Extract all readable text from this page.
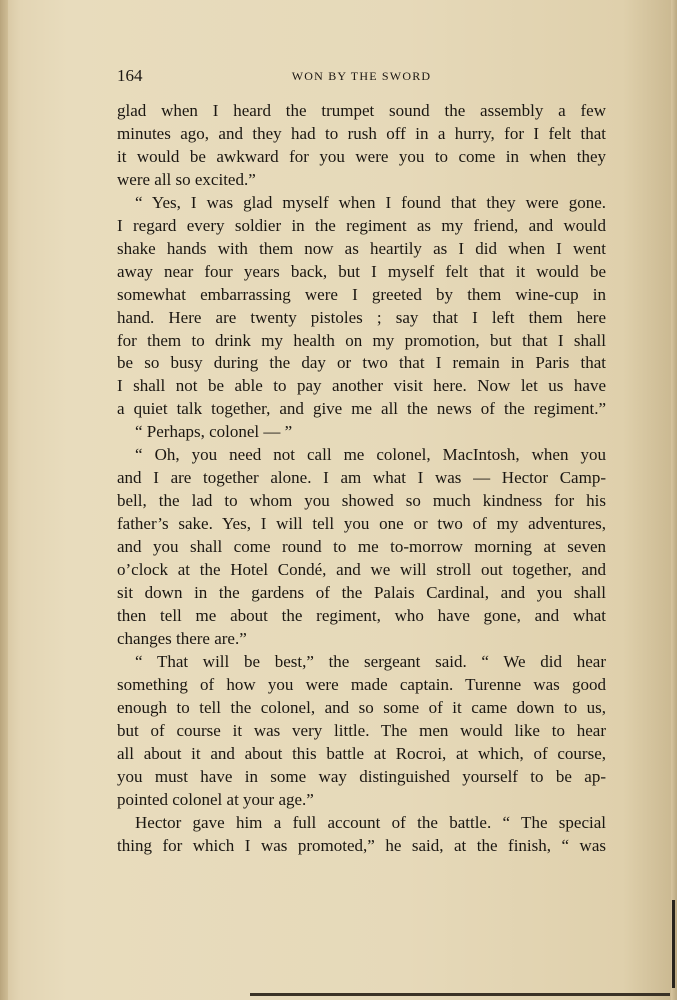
164	WON BY THE SWORD
glad when I heard the trumpet sound the assembly a few
minutes ago, and they had to rush off in a hurry, for I felt that
it would be awkward for you were you to come in when they
were all so excited.”
“ Yes, I was glad myself when I found that they were gone.
I regard every soldier in the regiment as my friend, and would
shake hands with them now as heartily as I did when I went
away near four years back, but I myself felt that it would be
somewhat embarrassing were I greeted by them wine-cup in
hand. Here are twenty pistoles ; say that I left them here
for them to drink my health on my promotion, but that I shall
be so busy during the day or two that I remain in Paris that
I shall not be able to pay another visit here. Now let us have
a quiet talk together, and give me all the news of the regiment.”
“ Perhaps, colonel — ”
“ Oh, you need not call me colonel, MacIntosh, when you
and I are together alone. I am what I was — Hector Camp-
bell, the lad to whom you showed so much kindness for his
father’s sake. Yes, I will tell you one or two of my adventures,
and you shall come round to me to-morrow morning at seven
o’clock at the Hotel Condé, and we will stroll out together, and
sit down in the gardens of the Palais Cardinal, and you shall
then tell me about the regiment, who have gone, and what
changes there are.”
“ That will be best,” the sergeant said. “ We did hear
something of how you were made captain. Turenne was good
enough to tell the colonel, and so some of it came down to us,
but of course it was very little. The men would like to hear
all about it and about this battle at Rocroi, at which, of course,
you must have in some way distinguished yourself to be ap-
pointed colonel at your age.”
Hector gave him a full account of the battle. “ The special
thing for which I was promoted,” he said, at the finish, “ was
